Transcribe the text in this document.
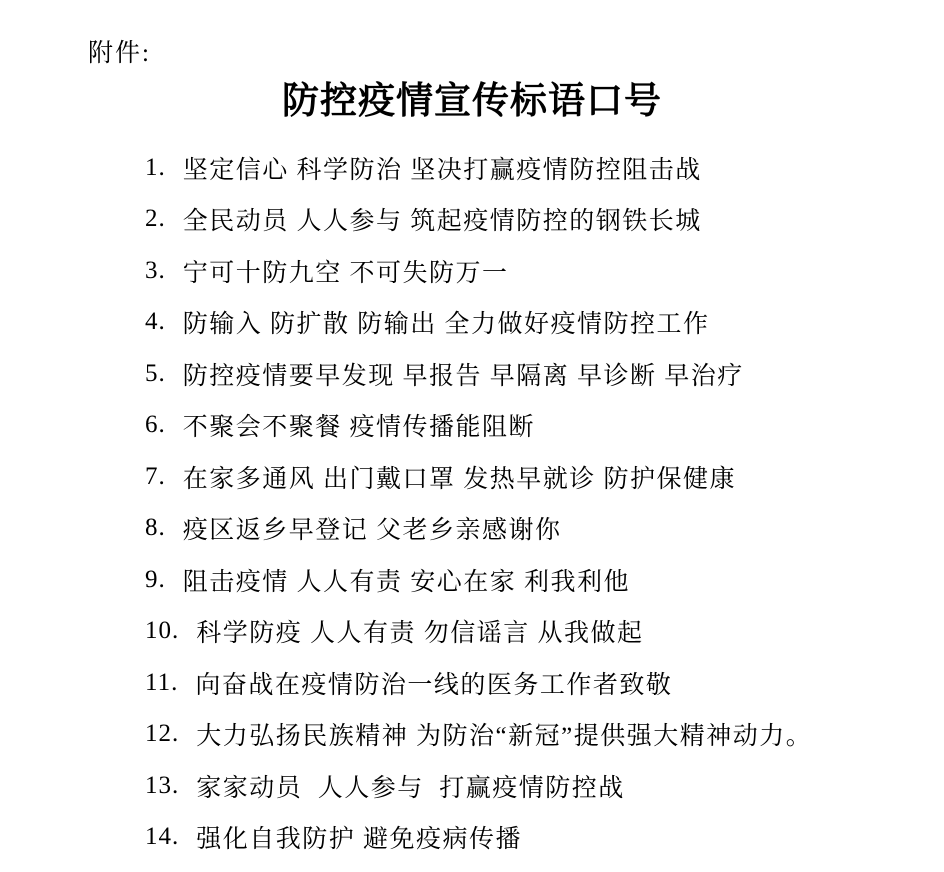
附件:
防控疫情宣传标语口号
1. 坚定信心 科学防治 坚决打赢疫情防控阻击战
2. 全民动员 人人参与 筑起疫情防控的钢铁长城
3. 宁可十防九空 不可失防万一
4. 防输入 防扩散 防输出 全力做好疫情防控工作
5. 防控疫情要早发现 早报告 早隔离 早诊断 早治疗
6. 不聚会不聚餐 疫情传播能阻断
7. 在家多通风 出门戴口罩 发热早就诊 防护保健康
8. 疫区返乡早登记 父老乡亲感谢你
9. 阻击疫情 人人有责 安心在家 利我利他
10. 科学防疫 人人有责 勿信谣言 从我做起
11. 向奋战在疫情防治一线的医务工作者致敬
12. 大力弘扬民族精神 为防治“新冠”提供强大精神动力。
13. 家家动员  人人参与  打赢疫情防控战
14. 强化自我防护 避免疫病传播
